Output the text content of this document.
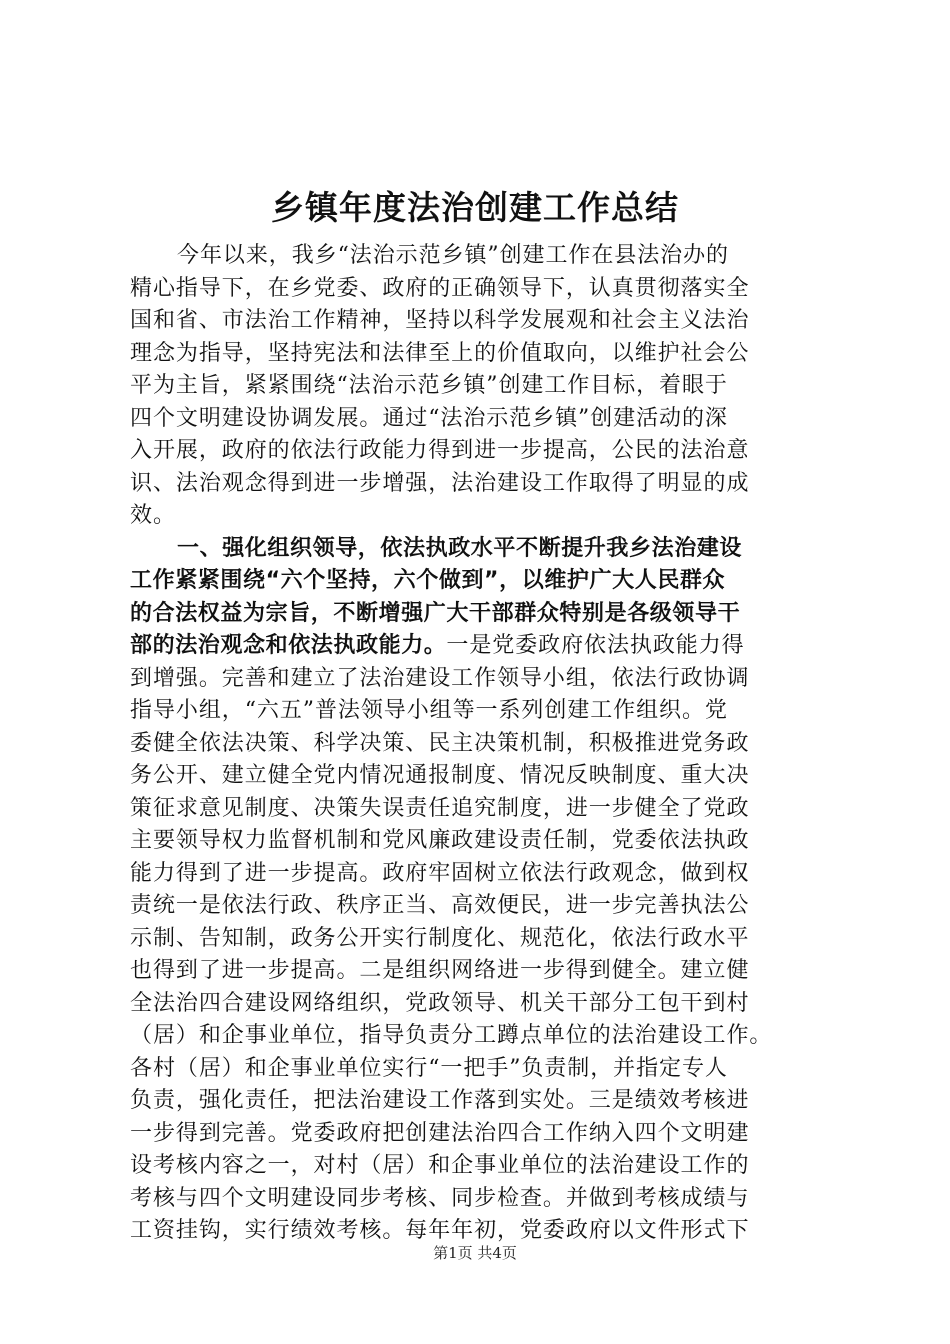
乡镇年度法治创建工作总结
今年以来，我乡“法治示范乡镇”创建工作在县法治办的
精心指导下，在乡党委、政府的正确领导下，认真贯彻落实全
国和省、市法治工作精神，坚持以科学发展观和社会主义法治
理念为指导，坚持宪法和法律至上的价值取向，以维护社会公
平为主旨，紧紧围绕“法治示范乡镇”创建工作目标，着眼于
四个文明建设协调发展。通过“法治示范乡镇”创建活动的深
入开展，政府的依法行政能力得到进一步提高，公民的法治意
识、法治观念得到进一步增强，法治建设工作取得了明显的成
效。
一、强化组织领导，依法执政水平不断提升我乡法治建设
工作紧紧围绕“六个坚持，六个做到”，以维护广大人民群众
的合法权益为宗旨，不断增强广大干部群众特别是各级领导干
部的法治观念和依法执政能力。一是党委政府依法执政能力得
到增强。完善和建立了法治建设工作领导小组，依法行政协调
指导小组，“六五”普法领导小组等一系列创建工作组织。党
委健全依法决策、科学决策、民主决策机制，积极推进党务政
务公开、建立健全党内情况通报制度、情况反映制度、重大决
策征求意见制度、决策失误责任追究制度，进一步健全了党政
主要领导权力监督机制和党风廉政建设责任制，党委依法执政
能力得到了进一步提高。政府牢固树立依法行政观念，做到权
责统一是依法行政、秩序正当、高效便民，进一步完善执法公
示制、告知制，政务公开实行制度化、规范化，依法行政水平
也得到了进一步提高。二是组织网络进一步得到健全。建立健
全法治四合建设网络组织，党政领导、机关干部分工包干到村
（居）和企事业单位，指导负责分工蹲点单位的法治建设工作。
各村（居）和企事业单位实行“一把手”负责制，并指定专人
负责，强化责任，把法治建设工作落到实处。三是绩效考核进
一步得到完善。党委政府把创建法治四合工作纳入四个文明建
设考核内容之一，对村（居）和企事业单位的法治建设工作的
考核与四个文明建设同步考核、同步检查。并做到考核成绩与
工资挂钩，实行绩效考核。每年年初，党委政府以文件形式下
第1页 共4页
